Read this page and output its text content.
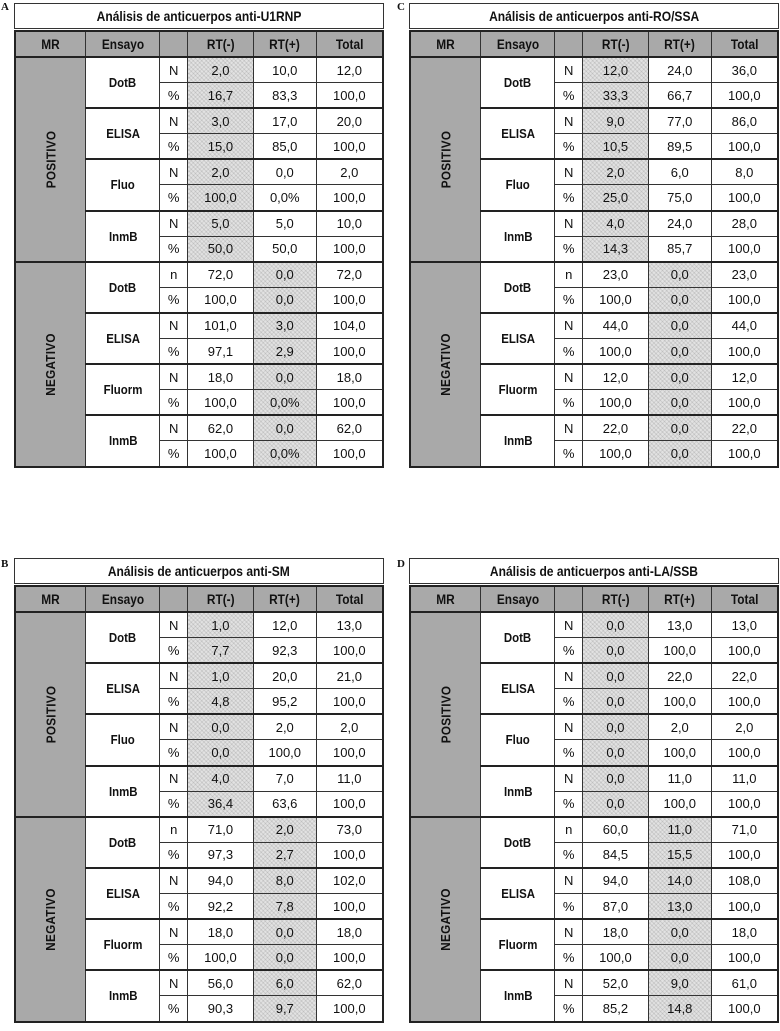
Análisis de anticuerpos anti-U1RNP
MR	Ensayo		RT(-)	RT(+)	Total
POSITIVO	DotB	N	2,0	10,0	12,0
		%	16,7	83,3	100,0
	ELISA	N	3,0	17,0	20,0
		%	15,0	85,0	100,0
	Fluo	N	2,0	0,0	2,0
		%	100,0	0,0%	100,0
	InmB	N	5,0	5,0	10,0
		%	50,0	50,0	100,0
NEGATIVO	DotB	n	72,0	0,0	72,0
		%	100,0	0,0	100,0
	ELISA	N	101,0	3,0	104,0
		%	97,1	2,9	100,0
	Fluorm	N	18,0	0,0	18,0
		%	100,0	0,0%	100,0
	InmB	N	62,0	0,0	62,0
		%	100,0	0,0%	100,0
A
Análisis de anticuerpos anti-RO/SSA
MR	Ensayo		RT(-)	RT(+)	Total
POSITIVO	DotB	N	12,0	24,0	36,0
		%	33,3	66,7	100,0
	ELISA	N	9,0	77,0	86,0
		%	10,5	89,5	100,0
	Fluo	N	2,0	6,0	8,0
		%	25,0	75,0	100,0
	InmB	N	4,0	24,0	28,0
		%	14,3	85,7	100,0
NEGATIVO	DotB	n	23,0	0,0	23,0
		%	100,0	0,0	100,0
	ELISA	N	44,0	0,0	44,0
		%	100,0	0,0	100,0
	Fluorm	N	12,0	0,0	12,0
		%	100,0	0,0	100,0
	InmB	N	22,0	0,0	22,0
		%	100,0	0,0	100,0
C
Análisis de anticuerpos anti-SM
MR	Ensayo		RT(-)	RT(+)	Total
POSITIVO	DotB	N	1,0	12,0	13,0
		%	7,7	92,3	100,0
	ELISA	N	1,0	20,0	21,0
		%	4,8	95,2	100,0
	Fluo	N	0,0	2,0	2,0
		%	0,0	100,0	100,0
	InmB	N	4,0	7,0	11,0
		%	36,4	63,6	100,0
NEGATIVO	DotB	n	71,0	2,0	73,0
		%	97,3	2,7	100,0
	ELISA	N	94,0	8,0	102,0
		%	92,2	7,8	100,0
	Fluorm	N	18,0	0,0	18,0
		%	100,0	0,0	100,0
	InmB	N	56,0	6,0	62,0
		%	90,3	9,7	100,0
B	Análisis de anticuerpos anti-LA/SSB
MR	Ensayo		RT(-)	RT(+)	Total
POSITIVO	DotB	N	0,0	13,0	13,0
		%	0,0	100,0	100,0
	ELISA	N	0,0	22,0	22,0
		%	0,0	100,0	100,0
	Fluo	N	0,0	2,0	2,0
		%	0,0	100,0	100,0
	InmB	N	0,0	11,0	11,0
		%	0,0	100,0	100,0
NEGATIVO	DotB	n	60,0	11,0	71,0
		%	84,5	15,5	100,0
	ELISA	N	94,0	14,0	108,0
		%	87,0	13,0	100,0
	Fluorm	N	18,0	0,0	18,0
		%	100,0	0,0	100,0
	InmB	N	52,0	9,0	61,0
		%	85,2	14,8	100,0
D
